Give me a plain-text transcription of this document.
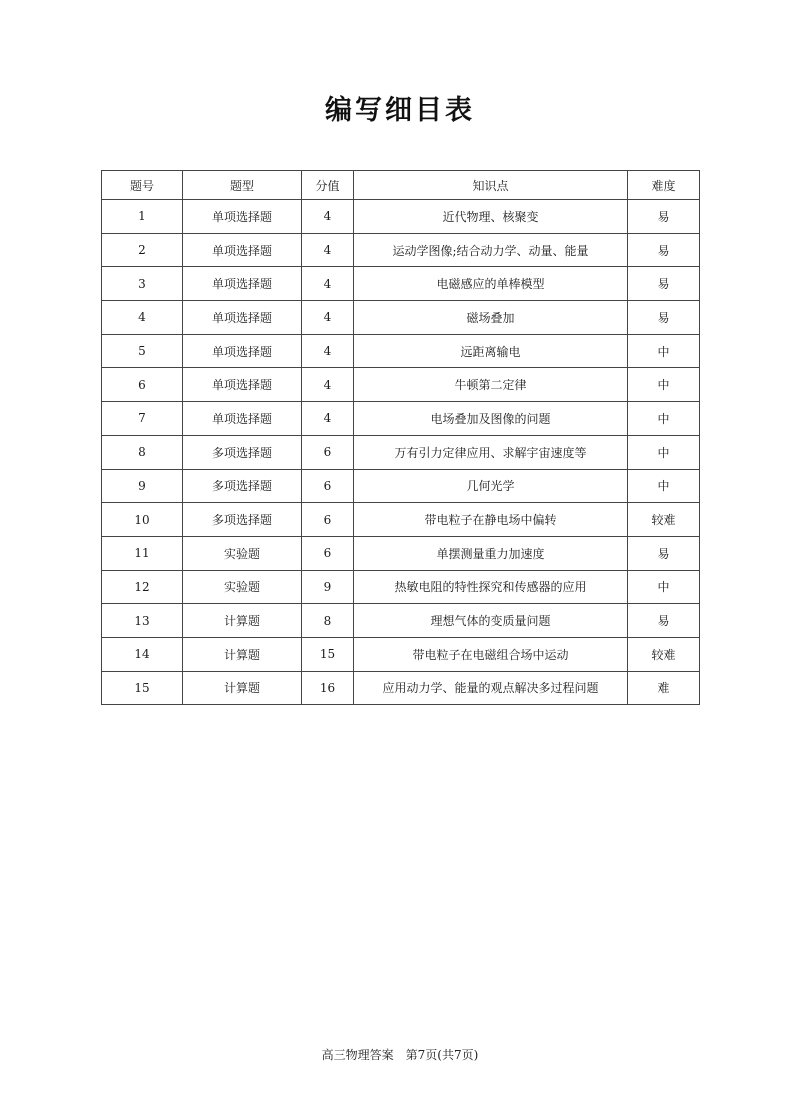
编写细目表
题号	题型	分值	知识点	难度
1	单项选择题	4	近代物理、核聚变	易
2	单项选择题	4	运动学图像;结合动力学、动量、能量	易
3	单项选择题	4	电磁感应的单棒模型	易
4	单项选择题	4	磁场叠加	易
5	单项选择题	4	远距离输电	中
6	单项选择题	4	牛顿第二定律	中
7	单项选择题	4	电场叠加及图像的问题	中
8	多项选择题	6	万有引力定律应用、求解宇宙速度等	中
9	多项选择题	6	几何光学	中
10	多项选择题	6	带电粒子在静电场中偏转	较难
11	实验题	6	单摆测量重力加速度	易
12	实验题	9	热敏电阻的特性探究和传感器的应用	中
13	计算题	8	理想气体的变质量问题	易
14	计算题	15	带电粒子在电磁组合场中运动	较难
15	计算题	16	应用动力学、能量的观点解决多过程问题	难
高三物理答案　第7页(共7页)
